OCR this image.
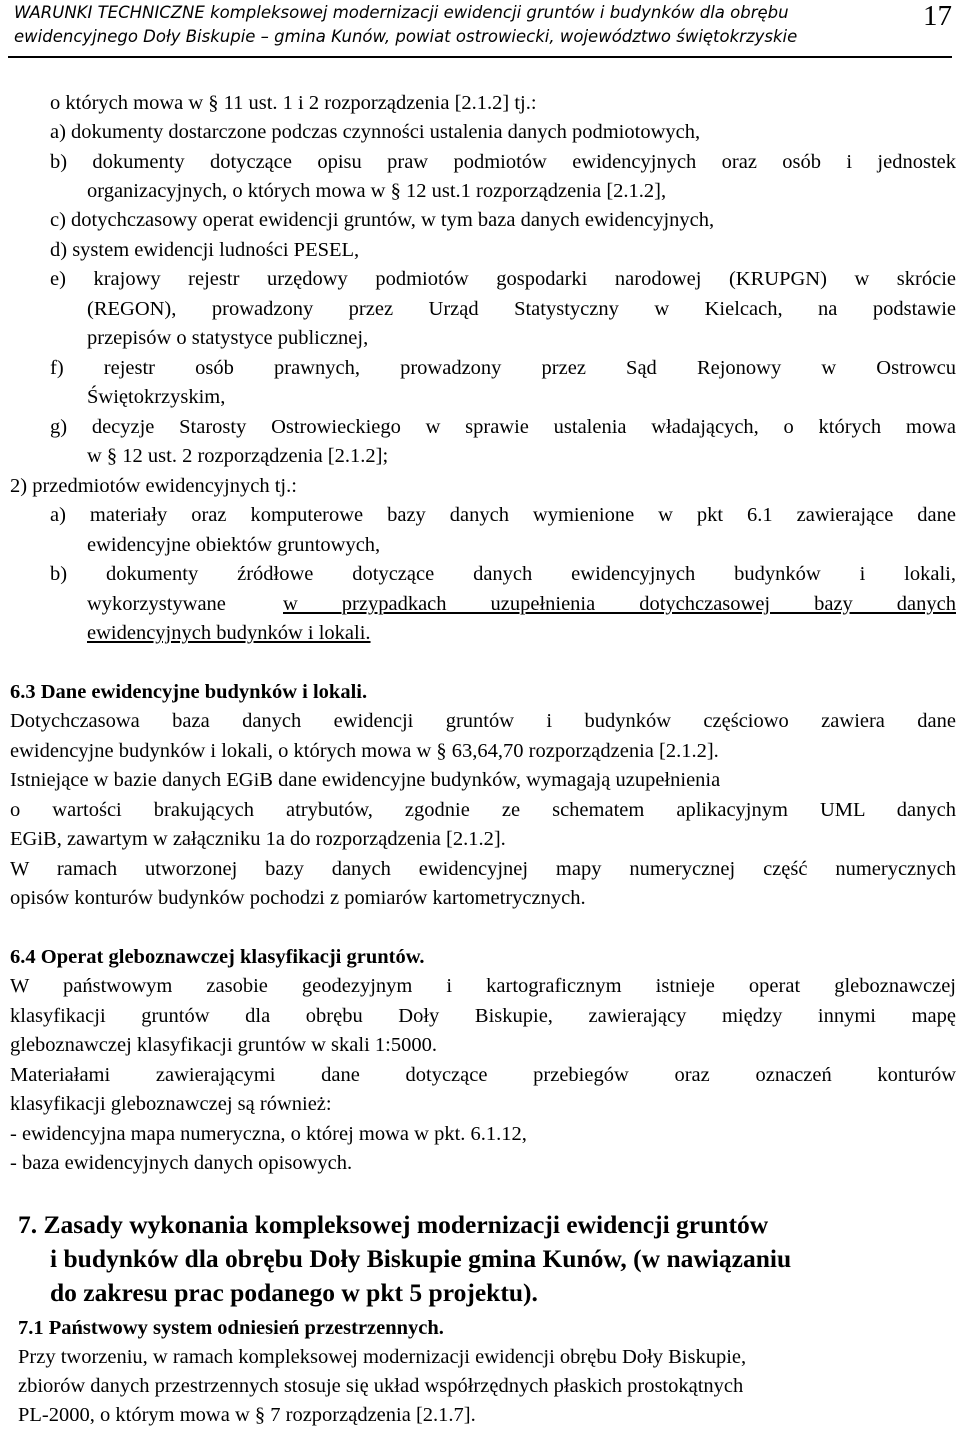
WARUNKI TECHNICZNE kompleksowej modernizacji ewidencji gruntów i budynków dla obrębu
ewidencyjnego Doły Biskupie – gmina Kunów, powiat ostrowiecki, województwo świętokrzyskie
17
o których mowa w § 11 ust. 1 i 2 rozporządzenia [2.1.2] tj.:
a) dokumenty dostarczone podczas czynności ustalenia danych podmiotowych,
b) dokumenty dotyczące opisu praw podmiotów ewidencyjnych oraz osób i jednostek
organizacyjnych, o których mowa w § 12 ust.1 rozporządzenia [2.1.2],
c) dotychczasowy operat ewidencji gruntów, w tym baza danych ewidencyjnych,
d) system ewidencji ludności PESEL,
e) krajowy rejestr urzędowy podmiotów gospodarki narodowej (KRUPGN) w skrócie
(REGON), prowadzony przez Urząd Statystyczny w Kielcach, na podstawie
przepisów o statystyce publicznej,
f) rejestr osób prawnych, prowadzony przez Sąd Rejonowy w Ostrowcu
Świętokrzyskim,
g) decyzje Starosty Ostrowieckiego w sprawie ustalenia władających, o których mowa
w § 12 ust. 2 rozporządzenia [2.1.2];
2) przedmiotów ewidencyjnych tj.:
a) materiały oraz komputerowe bazy danych wymienione w pkt 6.1 zawierające dane
ewidencyjne obiektów gruntowych,
b) dokumenty źródłowe dotyczące danych ewidencyjnych budynków i lokali,
wykorzystywane	w przypadkach uzupełnienia dotychczasowej bazy danych
ewidencyjnych budynków i lokali.
6.3 Dane ewidencyjne budynków i lokali.
Dotychczasowa baza danych ewidencji gruntów i budynków częściowo zawiera dane
ewidencyjne budynków i lokali, o których mowa w § 63,64,70 rozporządzenia [2.1.2].
Istniejące w bazie danych EGiB dane ewidencyjne budynków, wymagają uzupełnienia
o wartości brakujących atrybutów, zgodnie ze schematem aplikacyjnym UML danych
EGiB, zawartym w załączniku 1a do rozporządzenia [2.1.2].
W ramach utworzonej bazy danych ewidencyjnej mapy numerycznej część numerycznych
opisów konturów budynków pochodzi z pomiarów kartometrycznych.
6.4 Operat gleboznawczej klasyfikacji gruntów.
W państwowym zasobie geodezyjnym i kartograficznym istnieje operat gleboznawczej
klasyfikacji gruntów dla obrębu Doły Biskupie, zawierający między innymi mapę
gleboznawczej klasyfikacji gruntów w skali 1:5000.
Materiałami zawierającymi dane dotyczące przebiegów oraz oznaczeń konturów
klasyfikacji gleboznawczej są również:
- ewidencyjna mapa numeryczna, o której mowa w pkt. 6.1.12,
- baza ewidencyjnych danych opisowych.
7. Zasady wykonania kompleksowej modernizacji ewidencji gruntów
i budynków dla obrębu Doły Biskupie gmina Kunów, (w nawiązaniu
do zakresu prac podanego w pkt 5 projektu).
7.1 Państwowy system odniesień przestrzennych.
Przy tworzeniu, w ramach kompleksowej modernizacji ewidencji obrębu Doły Biskupie,
zbiorów danych przestrzennych stosuje się układ współrzędnych płaskich prostokątnych
PL-2000, o którym mowa w § 7 rozporządzenia [2.1.7].
